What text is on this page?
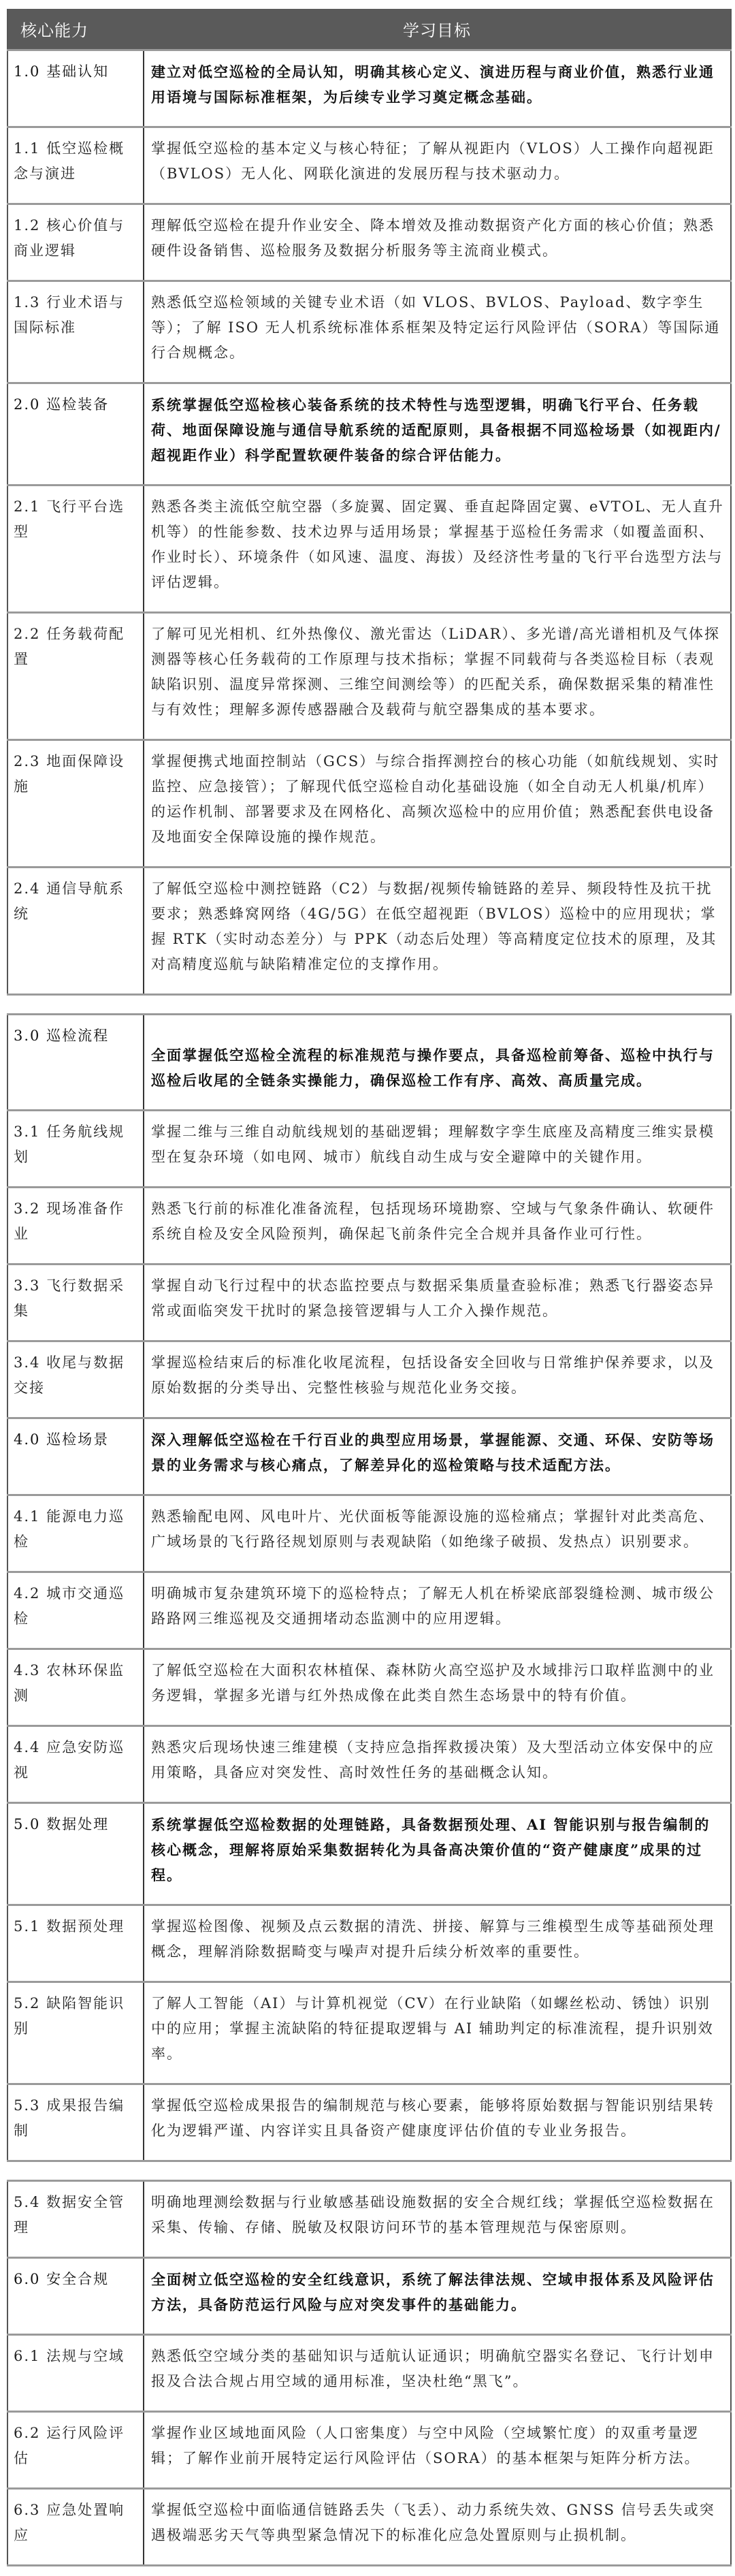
核心能力	学习目标
1.0 基础认知	建立对低空巡检的全局认知，明确其核心定义、演进历程与商业价值，熟悉行业通用语境与国际标准框架，为后续专业学习奠定概念基础。
1.1 低空巡检概念与演进	掌握低空巡检的基本定义与核心特征；了解从视距内（VLOS）人工操作向超视距（BVLOS）无人化、网联化演进的发展历程与技术驱动力。
1.2 核心价值与商业逻辑	理解低空巡检在提升作业安全、降本增效及推动数据资产化方面的核心价值；熟悉硬件设备销售、巡检服务及数据分析服务等主流商业模式。
1.3 行业术语与国际标准	熟悉低空巡检领域的关键专业术语（如 VLOS、BVLOS、Payload、数字孪生等）；了解 ISO 无人机系统标准体系框架及特定运行风险评估（SORA）等国际通行合规概念。
2.0 巡检装备	系统掌握低空巡检核心装备系统的技术特性与选型逻辑，明确飞行平台、任务载荷、地面保障设施与通信导航系统的适配原则，具备根据不同巡检场景（如视距内/超视距作业）科学配置软硬件装备的综合评估能力。
2.1 飞行平台选型	熟悉各类主流低空航空器（多旋翼、固定翼、垂直起降固定翼、eVTOL、无人直升机等）的性能参数、技术边界与适用场景；掌握基于巡检任务需求（如覆盖面积、作业时长）、环境条件（如风速、温度、海拔）及经济性考量的飞行平台选型方法与评估逻辑。
2.2 任务载荷配置	了解可见光相机、红外热像仪、激光雷达（LiDAR）、多光谱/高光谱相机及气体探测器等核心任务载荷的工作原理与技术指标；掌握不同载荷与各类巡检目标（表观缺陷识别、温度异常探测、三维空间测绘等）的匹配关系，确保数据采集的精准性与有效性；理解多源传感器融合及载荷与航空器集成的基本要求。
2.3 地面保障设施	掌握便携式地面控制站（GCS）与综合指挥测控台的核心功能（如航线规划、实时监控、应急接管）；了解现代低空巡检自动化基础设施（如全自动无人机巢/机库）的运作机制、部署要求及在网格化、高频次巡检中的应用价值；熟悉配套供电设备及地面安全保障设施的操作规范。
2.4 通信导航系统	了解低空巡检中测控链路（C2）与数据/视频传输链路的差异、频段特性及抗干扰要求；熟悉蜂窝网络（4G/5G）在低空超视距（BVLOS）巡检中的应用现状；掌握 RTK（实时动态差分）与 PPK（动态后处理）等高精度定位技术的原理，及其对高精度巡航与缺陷精准定位的支撑作用。
3.0 巡检流程	全面掌握低空巡检全流程的标准规范与操作要点，具备巡检前筹备、巡检中执行与巡检后收尾的全链条实操能力，确保巡检工作有序、高效、高质量完成。
3.1 任务航线规划	掌握二维与三维自动航线规划的基础逻辑；理解数字孪生底座及高精度三维实景模型在复杂环境（如电网、城市）航线自动生成与安全避障中的关键作用。
3.2 现场准备作业	熟悉飞行前的标准化准备流程，包括现场环境勘察、空域与气象条件确认、软硬件系统自检及安全风险预判，确保起飞前条件完全合规并具备作业可行性。
3.3 飞行数据采集	掌握自动飞行过程中的状态监控要点与数据采集质量查验标准；熟悉飞行器姿态异常或面临突发干扰时的紧急接管逻辑与人工介入操作规范。
3.4 收尾与数据交接	掌握巡检结束后的标准化收尾流程，包括设备安全回收与日常维护保养要求，以及原始数据的分类导出、完整性核验与规范化业务交接。
4.0 巡检场景	深入理解低空巡检在千行百业的典型应用场景，掌握能源、交通、环保、安防等场景的业务需求与核心痛点，了解差异化的巡检策略与技术适配方法。
4.1 能源电力巡检	熟悉输配电网、风电叶片、光伏面板等能源设施的巡检痛点；掌握针对此类高危、广域场景的飞行路径规划原则与表观缺陷（如绝缘子破损、发热点）识别要求。
4.2 城市交通巡检	明确城市复杂建筑环境下的巡检特点；了解无人机在桥梁底部裂缝检测、城市级公路路网三维巡视及交通拥堵动态监测中的应用逻辑。
4.3 农林环保监测	了解低空巡检在大面积农林植保、森林防火高空巡护及水域排污口取样监测中的业务逻辑，掌握多光谱与红外热成像在此类自然生态场景中的特有价值。
4.4 应急安防巡视	熟悉灾后现场快速三维建模（支持应急指挥救援决策）及大型活动立体安保中的应用策略，具备应对突发性、高时效性任务的基础概念认知。
5.0 数据处理	系统掌握低空巡检数据的处理链路，具备数据预处理、AI 智能识别与报告编制的核心概念，理解将原始采集数据转化为具备高决策价值的“资产健康度”成果的过程。
5.1 数据预处理	掌握巡检图像、视频及点云数据的清洗、拼接、解算与三维模型生成等基础预处理概念，理解消除数据畸变与噪声对提升后续分析效率的重要性。
5.2 缺陷智能识别	了解人工智能（AI）与计算机视觉（CV）在行业缺陷（如螺丝松动、锈蚀）识别中的应用；掌握主流缺陷的特征提取逻辑与 AI 辅助判定的标准流程，提升识别效率。
5.3 成果报告编制	掌握低空巡检成果报告的编制规范与核心要素，能够将原始数据与智能识别结果转化为逻辑严谨、内容详实且具备资产健康度评估价值的专业业务报告。
5.4 数据安全管理	明确地理测绘数据与行业敏感基础设施数据的安全合规红线；掌握低空巡检数据在采集、传输、存储、脱敏及权限访问环节的基本管理规范与保密原则。
6.0 安全合规	全面树立低空巡检的安全红线意识，系统了解法律法规、空域申报体系及风险评估方法，具备防范运行风险与应对突发事件的基础能力。
6.1 法规与空域	熟悉低空空域分类的基础知识与适航认证通识；明确航空器实名登记、飞行计划申报及合法合规占用空域的通用标准，坚决杜绝“黑飞”。
6.2 运行风险评估	掌握作业区域地面风险（人口密集度）与空中风险（空域繁忙度）的双重考量逻辑；了解作业前开展特定运行风险评估（SORA）的基本框架与矩阵分析方法。
6.3 应急处置响应	掌握低空巡检中面临通信链路丢失（飞丢）、动力系统失效、GNSS 信号丢失或突遇极端恶劣天气等典型紧急情况下的标准化应急处置原则与止损机制。
